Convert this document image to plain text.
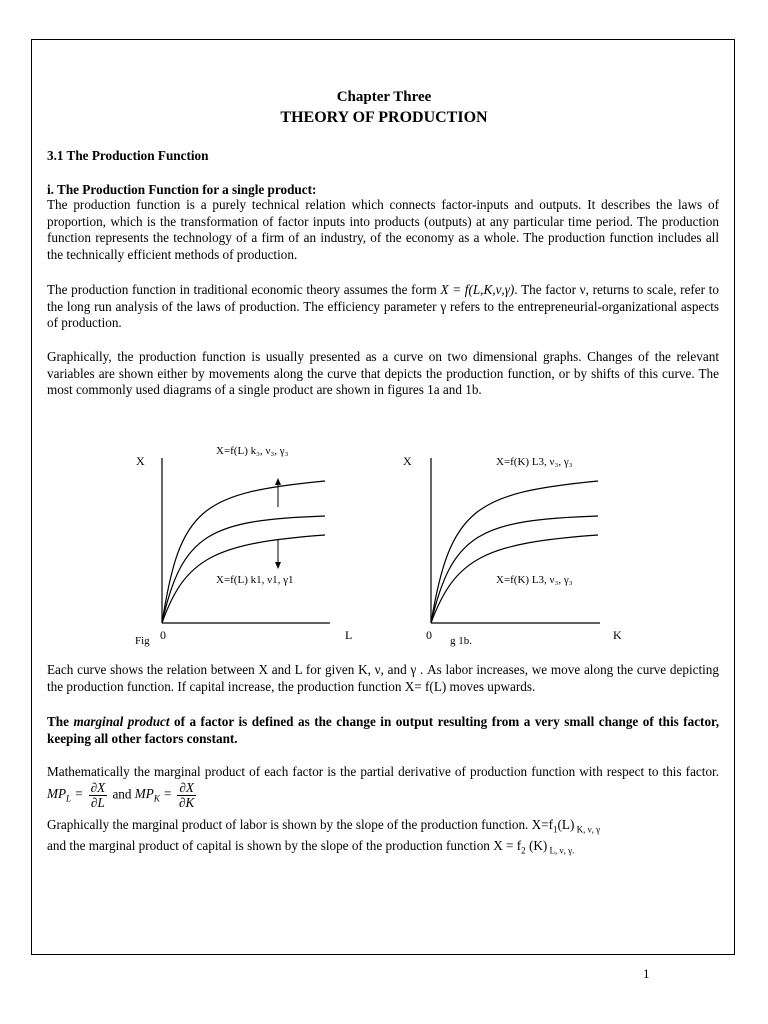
Chapter Three
THEORY OF PRODUCTION
3.1 The Production Function
i. The Production Function for a single product:
The production function is a purely technical relation which connects factor-inputs and outputs. It describes the laws of proportion, which is the transformation of factor inputs into products (outputs) at any particular time period. The production function represents the technology of a firm of an industry, of the economy as a whole. The production function includes all the technically efficient methods of production.
The production function in traditional economic theory assumes the form X = f(L,K,ν,γ). The factor ν, returns to scale, refer to the long run analysis of the laws of production. The efficiency parameter γ refers to the entrepreneurial-organizational aspects of production.
Graphically, the production function is usually presented as a curve on two dimensional graphs. Changes of the relevant variables are shown either by movements along the curve that depicts the production function, or by shifts of this curve. The most commonly used diagrams of a single product are shown in figures 1a and 1b.
X
L
0
X=f(L) k₃, ν₃, γ₃
X=f(L) k1, ν1, γ1
Fig
X
K
0
X=f(K) L3, ν₃, γ₃
X=f(K) L3, ν₃, γ₃
g 1b.
Each curve shows the relation between X and L for given K, ν, and γ . As labor increases, we move along the curve depicting the production function. If capital increase, the production function X= f(L) moves upwards.
The marginal product of a factor is defined as the change in output resulting from a very small change of this factor, keeping all other factors constant.
Mathematically the marginal product of each factor is the partial derivative of production function with respect to this factor. $MP_L = \frac{\partial X}{\partial L}$ and $MP_K = \frac{\partial X}{\partial K}$
Graphically the marginal product of labor is shown by the slope of the production function. $X=f_1(L)$ $_{K, \nu, \gamma}$
and the marginal product of capital is shown by the slope of the production function $X = f_2$ (K) $_{L, \nu, \gamma.}$
1
